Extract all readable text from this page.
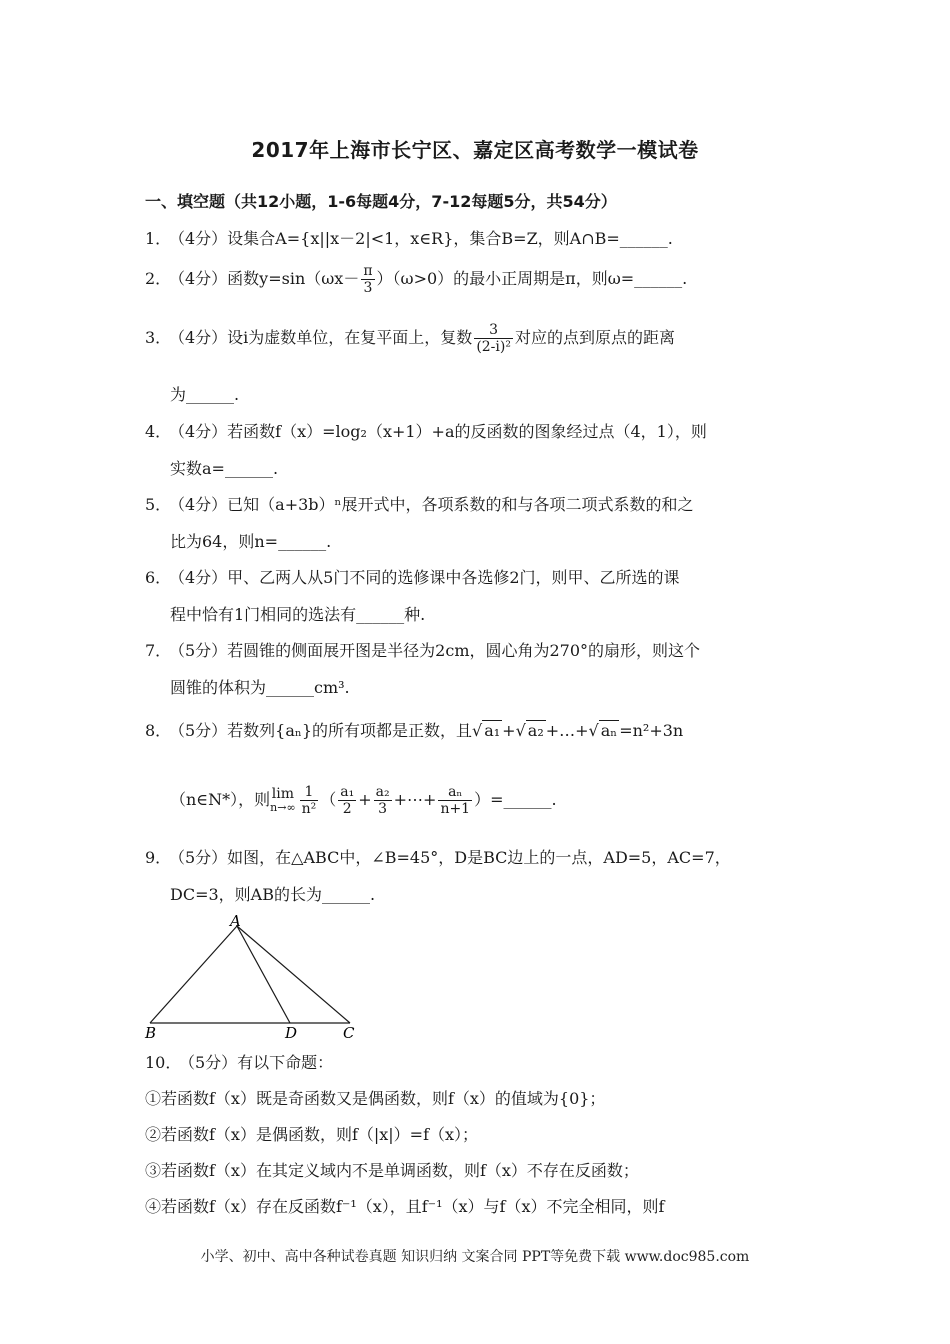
2017年上海市长宁区、嘉定区高考数学一模试卷
一、填空题（共12小题，1-6每题4分，7-12每题5分，共54分）
1．（4分）设集合A={x||x－2|<1，x∈R}，集合B=Z，则A∩B=______.
2．（4分）函数$y=\sin(\omega x- \frac{\pi}{3} )(\omega>0)$的最小正周期是π，则ω=______.
3．（4分）设i为虚数单位，在复平面上，复数 $\frac{3}{\text{(2-i)²}}$ 对应的点到原点的距离
为______.
4．（4分）若函数f（x）=log₂（x+1）+a的反函数的图象经过点（4，1），则
实数a=______.
5．（4分）已知（a+3b）ⁿ展开式中，各项系数的和与各项二项式系数的和之
比为64，则n=______.
6．（4分）甲、乙两人从5门不同的选修课中各选修2门，则甲、乙所选的课
程中恰有1门相同的选法有______种.
7．（5分）若圆锥的侧面展开图是半径为2cm，圆心角为270°的扇形，则这个
圆锥的体积为______cm³.
8．（5分）若数列{aₙ}的所有项都是正数，且√ a₁ +√ a₂ +…+√ aₙ =n²+3n
（n∈N*），则 lim
$n\to\infty \frac{1}{\text{n²}}$ （ $\frac{\text{a₁}}{2} + \frac{\text{a₂}}{3}$ +⋯+ $\frac{\text{aₙ}}{n+1}$ ）=______.
9．（5分）如图，在△ABC中，∠B=45°，D是BC边上的一点，AD=5，AC=7，
DC=3，则AB的长为______.
A
B	D	C
10．（5分）有以下命题：
①若函数f（x）既是奇函数又是偶函数，则f（x）的值域为{0}；
②若函数f（x）是偶函数，则f（|x|）=f（x）；
③若函数f（x）在其定义域内不是单调函数，则f（x）不存在反函数；
④若函数f（x）存在反函数f⁻¹（x），且f⁻¹（x）与f（x）不完全相同，则f
小学、初中、高中各种试卷真题 知识归纳 文案合同 PPT等免费下载 www.doc985.com
